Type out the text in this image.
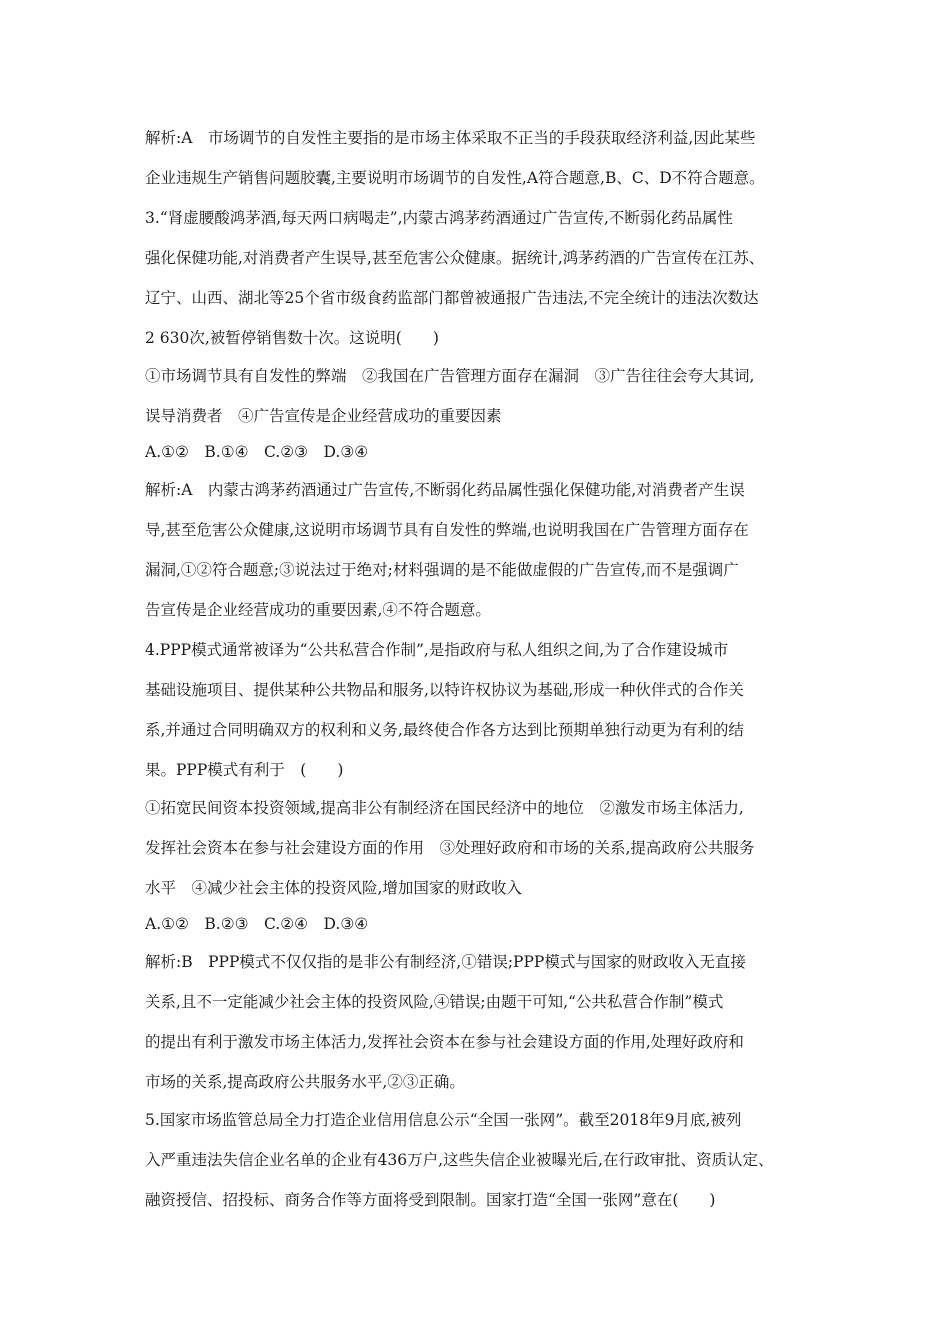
解析:A　市场调节的自发性主要指的是市场主体采取不正当的手段获取经济利益,因此某些
企业违规生产销售问题胶囊,主要说明市场调节的自发性,A符合题意,B、C、D不符合题意。
3.“肾虚腰酸鸿茅酒,每天两口病喝走”,内蒙古鸿茅药酒通过广告宣传,不断弱化药品属性
强化保健功能,对消费者产生误导,甚至危害公众健康。据统计,鸿茅药酒的广告宣传在江苏、
辽宁、山西、湖北等25个省市级食药监部门都曾被通报广告违法,不完全统计的违法次数达
2 630次,被暂停销售数十次。这说明(　　)
①市场调节具有自发性的弊端　②我国在广告管理方面存在漏洞　③广告往往会夸大其词,
误导消费者　④广告宣传是企业经营成功的重要因素
A.①②　B.①④　C.②③　D.③④
解析:A　内蒙古鸿茅药酒通过广告宣传,不断弱化药品属性强化保健功能,对消费者产生误
导,甚至危害公众健康,这说明市场调节具有自发性的弊端,也说明我国在广告管理方面存在
漏洞,①②符合题意;③说法过于绝对;材料强调的是不能做虚假的广告宣传,而不是强调广
告宣传是企业经营成功的重要因素,④不符合题意。
4.PPP模式通常被译为“公共私营合作制”,是指政府与私人组织之间,为了合作建设城市
基础设施项目、提供某种公共物品和服务,以特许权协议为基础,形成一种伙伴式的合作关
系,并通过合同明确双方的权利和义务,最终使合作各方达到比预期单独行动更为有利的结
果。PPP模式有利于　(　　)
①拓宽民间资本投资领域,提高非公有制经济在国民经济中的地位　②激发市场主体活力,
发挥社会资本在参与社会建设方面的作用　③处理好政府和市场的关系,提高政府公共服务
水平　④减少社会主体的投资风险,增加国家的财政收入
A.①②　B.②③　C.②④　D.③④
解析:B　PPP模式不仅仅指的是非公有制经济,①错误;PPP模式与国家的财政收入无直接
关系,且不一定能减少社会主体的投资风险,④错误;由题干可知,“公共私营合作制”模式
的提出有利于激发市场主体活力,发挥社会资本在参与社会建设方面的作用,处理好政府和
市场的关系,提高政府公共服务水平,②③正确。
5.国家市场监管总局全力打造企业信用信息公示“全国一张网”。截至2018年9月底,被列
入严重违法失信企业名单的企业有436万户,这些失信企业被曝光后,在行政审批、资质认定、
融资授信、招投标、商务合作等方面将受到限制。国家打造“全国一张网”意在(　　)
